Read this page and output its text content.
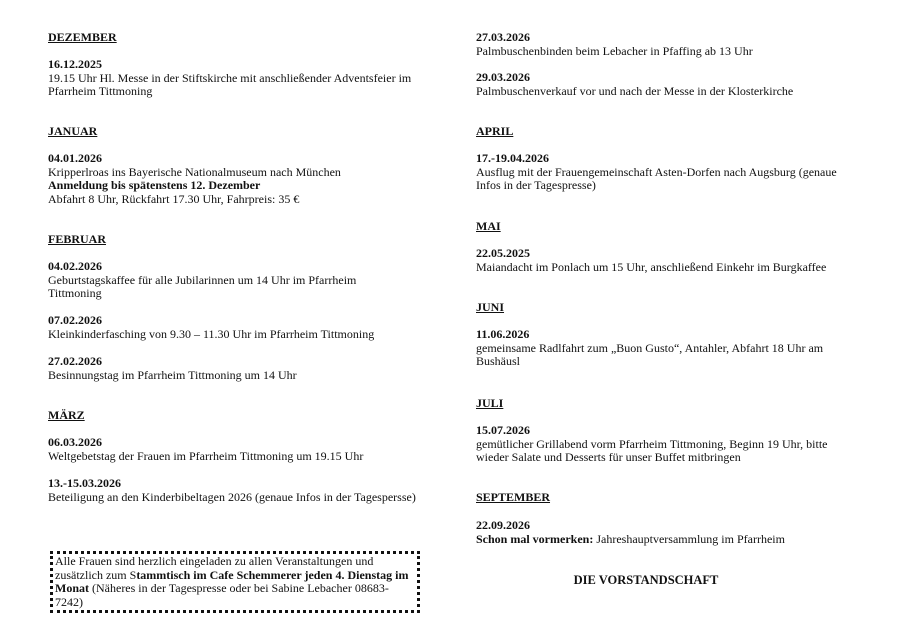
DEZEMBER
16.12.2025
19.15 Uhr Hl. Messe in der Stiftskirche mit anschließender Adventsfeier im Pfarrheim Tittmoning
JANUAR
04.01.2026
Kripperlroas ins Bayerische Nationalmuseum nach München
Anmeldung bis spätenstens 12. Dezember
Abfahrt 8 Uhr, Rückfahrt 17.30 Uhr, Fahrpreis: 35 €
FEBRUAR
04.02.2026
Geburtstagskaffee für alle Jubilarinnen um 14 Uhr im Pfarrheim Tittmoning
07.02.2026
Kleinkinderfasching von 9.30 – 11.30 Uhr im Pfarrheim Tittmoning
27.02.2026
Besinnungstag im Pfarrheim Tittmoning um 14 Uhr
MÄRZ
06.03.2026
Weltgebetstag der Frauen im Pfarrheim Tittmoning um 19.15 Uhr
13.-15.03.2026
Beteiligung an den Kinderbibeltagen 2026 (genaue Infos in der Tagespersse)
Alle Frauen sind herzlich eingeladen zu allen Veranstaltungen und zusätzlich zum Stammtisch im Cafe Schemmerer jeden 4. Dienstag im Monat (Näheres in der Tagespresse oder bei Sabine Lebacher 08683-7242)
27.03.2026
Palmbuschenbinden beim Lebacher in Pfaffing ab 13 Uhr
29.03.2026
Palmbuschenverkauf vor und nach der Messe in der Klosterkirche
APRIL
17.-19.04.2026
Ausflug mit der Frauengemeinschaft Asten-Dorfen nach Augsburg (genaue Infos in der Tagespresse)
MAI
22.05.2025
Maiandacht im Ponlach um 15 Uhr, anschließend Einkehr im Burgkaffee
JUNI
11.06.2026
gemeinsame Radlfahrt zum „Buon Gusto“, Antahler, Abfahrt 18 Uhr am Bushäusl
JULI
15.07.2026
gemütlicher Grillabend vorm Pfarrheim Tittmoning, Beginn 19 Uhr, bitte wieder Salate und Desserts für unser Buffet mitbringen
SEPTEMBER
22.09.2026
Schon mal vormerken: Jahreshauptversammlung im Pfarrheim
DIE VORSTANDSCHAFT
